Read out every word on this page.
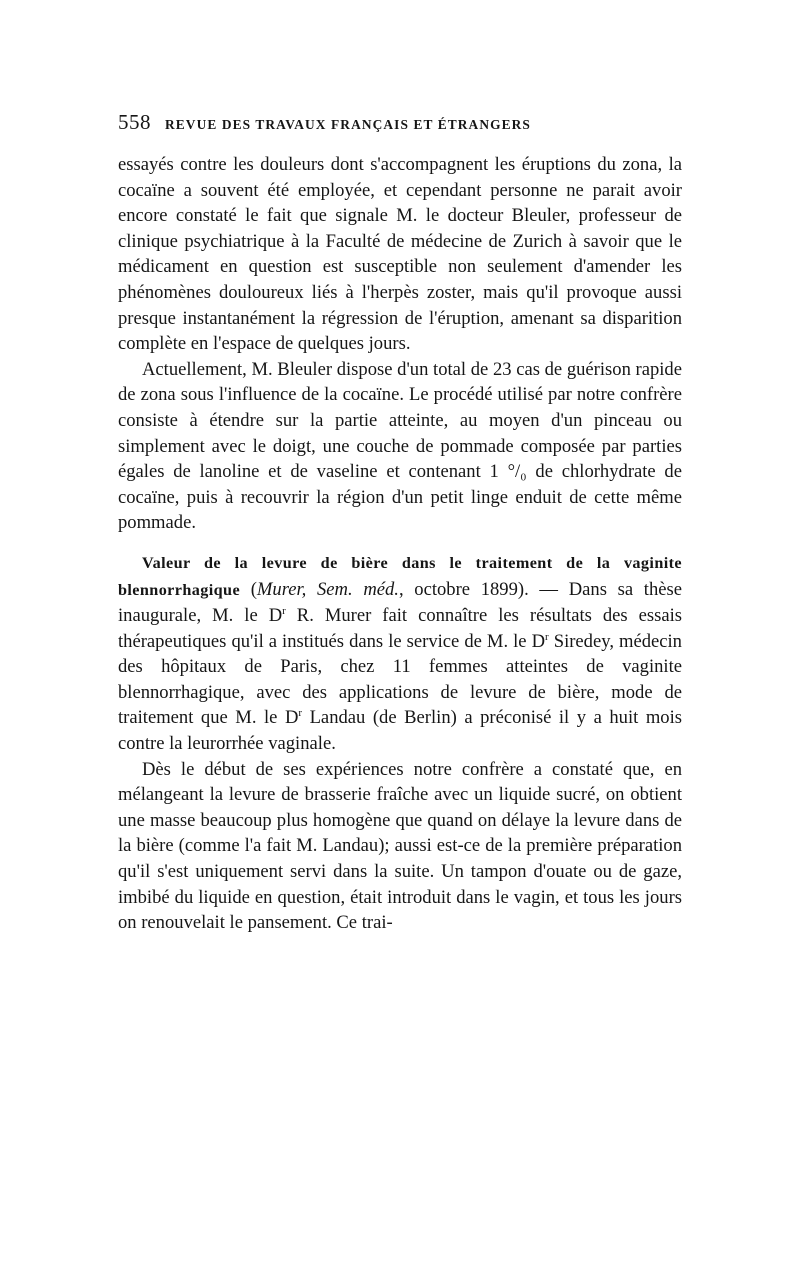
558 REVUE DES TRAVAUX FRANÇAIS ET ÉTRANGERS

essayés contre les douleurs dont s'accompagnent les éruptions du zona, la cocaïne a souvent été employée, et cependant personne ne parait avoir encore constaté le fait que signale M. le docteur Bleuler, professeur de clinique psychiatrique à la Faculté de médecine de Zurich à savoir que le médicament en question est susceptible non seulement d'amender les phénomènes douloureux liés à l'herpès zoster, mais qu'il provoque aussi presque instantanément la régression de l'éruption, amenant sa disparition complète en l'espace de quelques jours.

Actuellement, M. Bleuler dispose d'un total de 23 cas de guérison rapide de zona sous l'influence de la cocaïne. Le procédé utilisé par notre confrère consiste à étendre sur la partie atteinte, au moyen d'un pinceau ou simplement avec le doigt, une couche de pommade composée par parties égales de lanoline et de vaseline et contenant 1 °/₀ de chlorhydrate de cocaïne, puis à recouvrir la région d'un petit linge enduit de cette même pommade.

Valeur de la levure de bière dans le traitement de la vaginite blennorrhagique (Murer, Sem. méd., octobre 1899). — Dans sa thèse inaugurale, M. le $D^r$ R. Murer fait connaître les résultats des essais thérapeutiques qu'il a institués dans le service de M. le $D^r$ Siredey, médecin des hôpitaux de Paris, chez 11 femmes atteintes de vaginite blennorrhagique, avec des applications de levure de bière, mode de traitement que M. le $D^r$ Landau (de Berlin) a préconisé il y a huit mois contre la leurorrhée vaginale.

Dès le début de ses expériences notre confrère a constaté que, en mélangeant la levure de brasserie fraîche avec un liquide sucré, on obtient une masse beaucoup plus homogène que quand on délaye la levure dans de la bière (comme l'a fait M. Landau); aussi est-ce de la première préparation qu'il s'est uniquement servi dans la suite. Un tampon d'ouate ou de gaze, imbibé du liquide en question, était introduit dans le vagin, et tous les jours on renouvelait le pansement. Ce trai-
